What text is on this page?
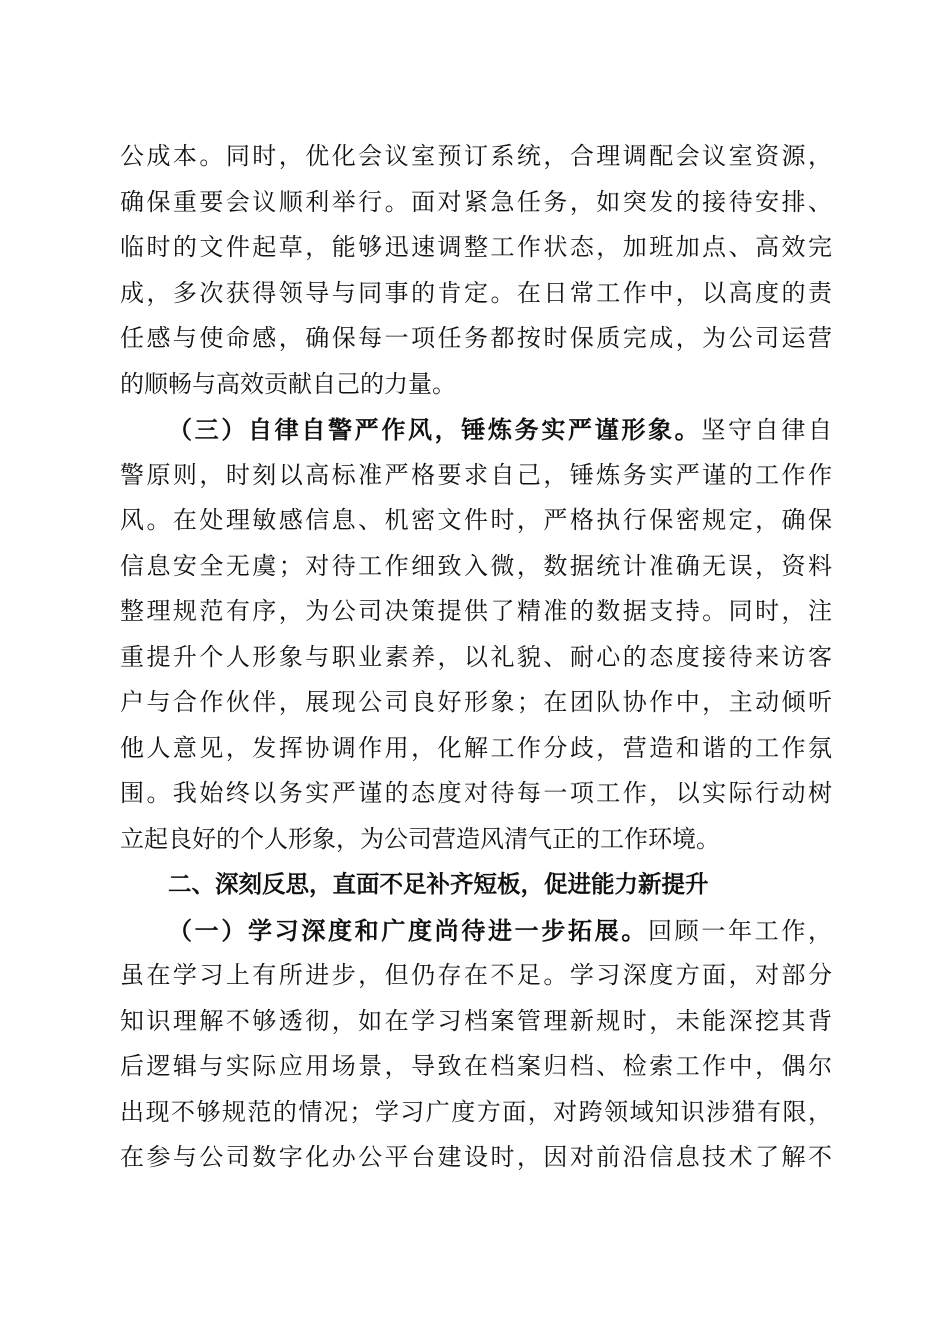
公成本。同时，优化会议室预订系统，合理调配会议室资源，
确保重要会议顺利举行。面对紧急任务，如突发的接待安排、
临时的文件起草，能够迅速调整工作状态，加班加点、高效完
成，多次获得领导与同事的肯定。在日常工作中，以高度的责
任感与使命感，确保每一项任务都按时保质完成，为公司运营
的顺畅与高效贡献自己的力量。
（三）自律自警严作风，锤炼务实严谨形象。坚守自律自
警原则，时刻以高标准严格要求自己，锤炼务实严谨的工作作
风。在处理敏感信息、机密文件时，严格执行保密规定，确保
信息安全无虞；对待工作细致入微，数据统计准确无误，资料
整理规范有序，为公司决策提供了精准的数据支持。同时，注
重提升个人形象与职业素养，以礼貌、耐心的态度接待来访客
户与合作伙伴，展现公司良好形象；在团队协作中，主动倾听
他人意见，发挥协调作用，化解工作分歧，营造和谐的工作氛
围。我始终以务实严谨的态度对待每一项工作，以实际行动树
立起良好的个人形象，为公司营造风清气正的工作环境。
二、深刻反思，直面不足补齐短板，促进能力新提升
（一）学习深度和广度尚待进一步拓展。回顾一年工作，
虽在学习上有所进步，但仍存在不足。学习深度方面，对部分
知识理解不够透彻，如在学习档案管理新规时，未能深挖其背
后逻辑与实际应用场景，导致在档案归档、检索工作中，偶尔
出现不够规范的情况；学习广度方面，对跨领域知识涉猎有限，
在参与公司数字化办公平台建设时，因对前沿信息技术了解不
